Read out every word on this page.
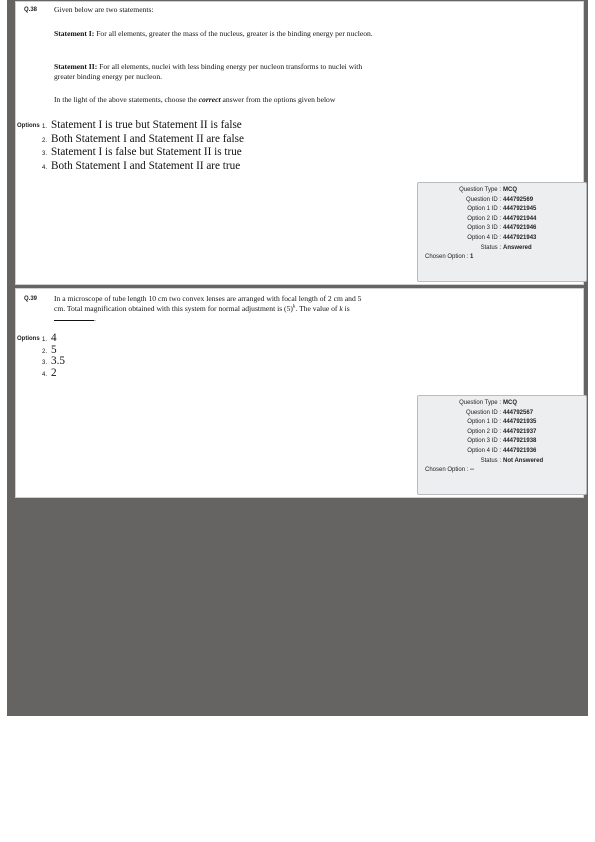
Q.38 Given below are two statements:
Statement I: For all elements, greater the mass of the nucleus, greater is the binding energy per nucleon.
Statement II: For all elements, nuclei with less binding energy per nucleon transforms to nuclei with greater binding energy per nucleon.
In the light of the above statements, choose the correct answer from the options given below
Options 1. Statement I is true but Statement II is false
2. Both Statement I and Statement II are false
3. Statement I is false but Statement II is true
4. Both Statement I and Statement II are true
Question Type : MCQ
Question ID : 444792569
Option 1 ID : 4447921945
Option 2 ID : 4447921944
Option 3 ID : 4447921946
Option 4 ID : 4447921943
Status : Answered
Chosen Option : 1
Q.39 In a microscope of tube length 10 cm two convex lenses are arranged with focal length of 2 cm and 5 cm. Total magnification obtained with this system for normal adjustment is $(5)^k$. The value of k is.
Options 1. 4
2. 5
3. 3.5
4. 2
Question Type : MCQ
Question ID : 444792567
Option 1 ID : 4447921935
Option 2 ID : 4447921937
Option 3 ID : 4447921938
Option 4 ID : 4447921936
Status : Not Answered
Chosen Option : --
